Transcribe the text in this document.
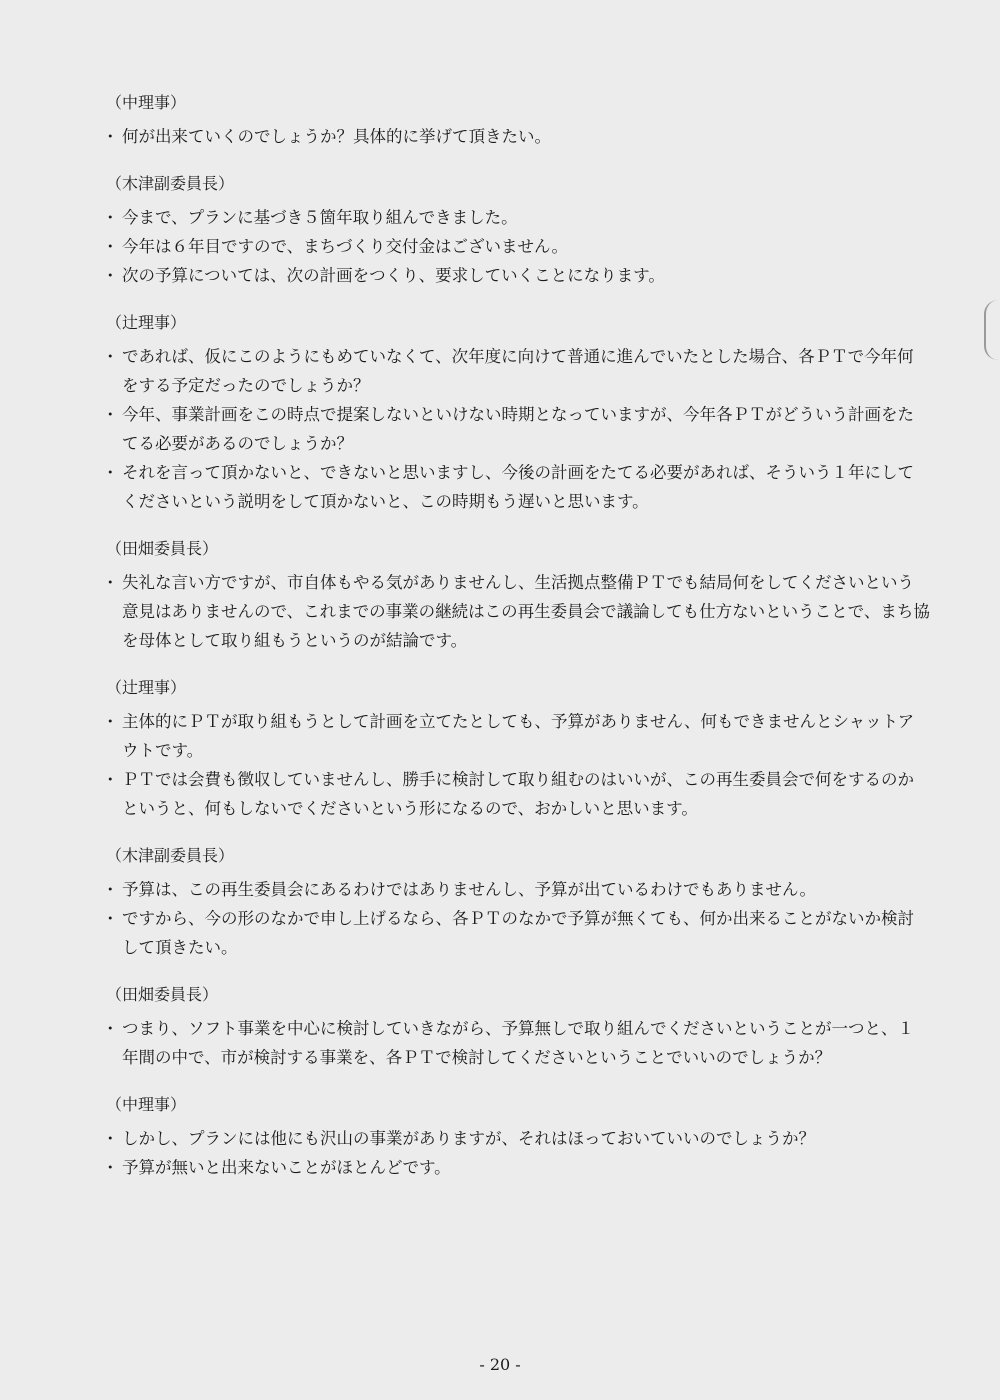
（中理事）

・ 何が出来ていくのでしょうか？具体的に挙げて頂きたい。

（木津副委員長）

・ 今まで、プランに基づき５箇年取り組んできました。

・ 今年は６年目ですので、まちづくり交付金はございません。

・ 次の予算については、次の計画をつくり、要求していくことになります。

（辻理事）

・ であれば、仮にこのようにもめていなくて、次年度に向けて普通に進んでいたとした場合、各ＰＴで今年何をする予定だったのでしょうか？

・ 今年、事業計画をこの時点で提案しないといけない時期となっていますが、今年各ＰＴがどういう計画をたてる必要があるのでしょうか？

・ それを言って頂かないと、できないと思いますし、今後の計画をたてる必要があれば、そういう１年にしてくださいという説明をして頂かないと、この時期もう遅いと思います。

（田畑委員長）

・ 失礼な言い方ですが、市自体もやる気がありませんし、生活拠点整備ＰＴでも結局何をしてくださいという意見はありませんので、これまでの事業の継続はこの再生委員会で議論しても仕方ないということで、まち協を母体として取り組もうというのが結論です。

（辻理事）

・ 主体的にＰＴが取り組もうとして計画を立てたとしても、予算がありません、何もできませんとシャットアウトです。

・ ＰＴでは会費も徴収していませんし、勝手に検討して取り組むのはいいが、この再生委員会で何をするのかというと、何もしないでくださいという形になるので、おかしいと思います。

（木津副委員長）

・ 予算は、この再生委員会にあるわけではありませんし、予算が出ているわけでもありません。

・ ですから、今の形のなかで申し上げるなら、各ＰＴのなかで予算が無くても、何か出来ることがないか検討して頂きたい。

（田畑委員長）

・ つまり、ソフト事業を中心に検討していきながら、予算無しで取り組んでくださいということが一つと、１年間の中で、市が検討する事業を、各ＰＴで検討してくださいということでいいのでしょうか？

（中理事）

・ しかし、プランには他にも沢山の事業がありますが、それはほっておいていいのでしょうか？

・ 予算が無いと出来ないことがほとんどです。

- 20 -
